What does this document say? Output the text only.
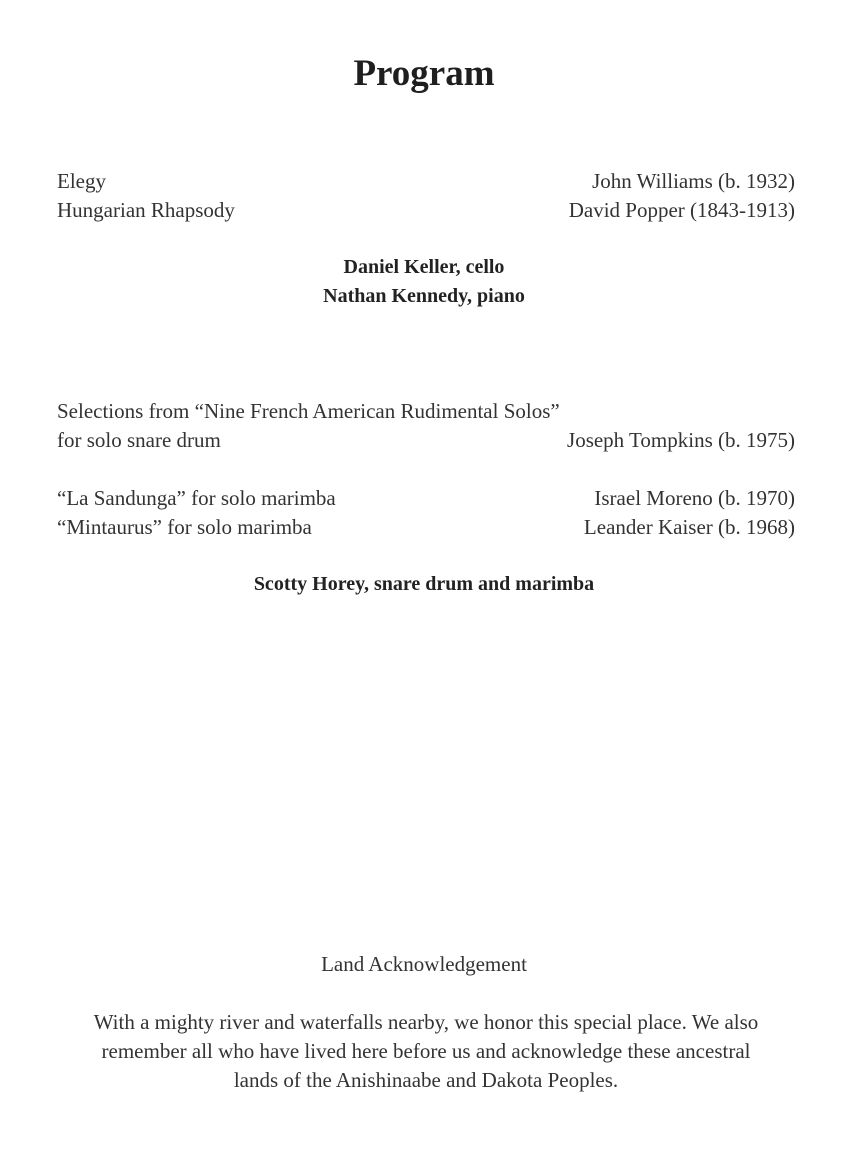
Program
Elegy	John Williams (b. 1932)
Hungarian Rhapsody	David Popper (1843-1913)
Daniel Keller, cello
Nathan Kennedy, piano
Selections from “Nine French American Rudimental Solos”
for solo snare drum	Joseph Tompkins (b. 1975)
“La Sandunga” for solo marimba	Israel Moreno (b. 1970)
“Mintaurus” for solo marimba	Leander Kaiser (b. 1968)
Scotty Horey, snare drum and marimba
Land Acknowledgement
With a mighty river and waterfalls nearby, we honor this special place. We also
remember all who have lived here before us and acknowledge these ancestral
lands of the Anishinaabe and Dakota Peoples.
